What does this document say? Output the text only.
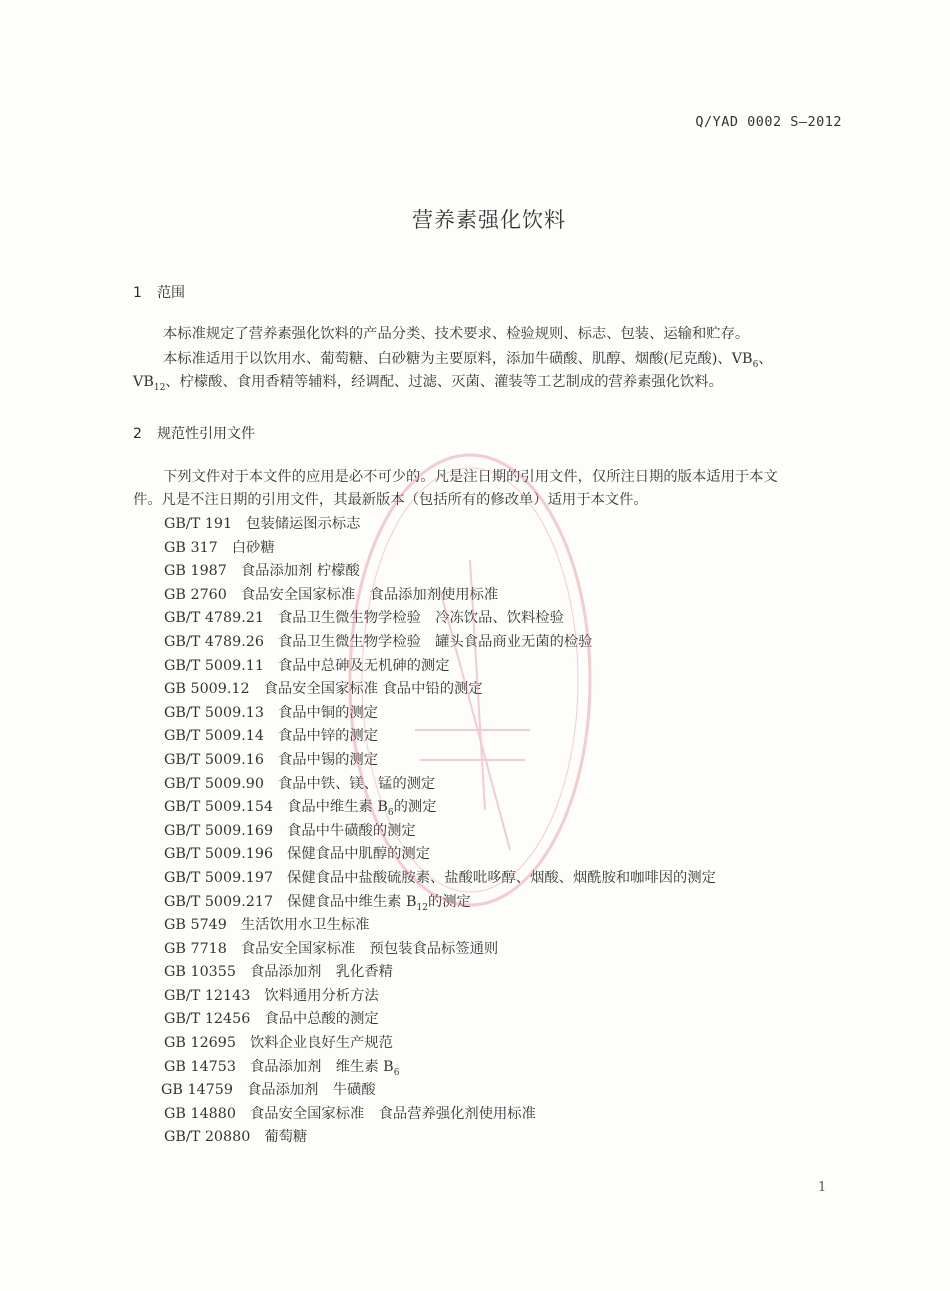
Q/YAD 0002 S—2012
营养素强化饮料
1 范围
本标准规定了营养素强化饮料的产品分类、技术要求、检验规则、标志、包装、运输和贮存。
本标准适用于以饮用水、葡萄糖、白砂糖为主要原料，添加牛磺酸、肌醇、烟酸(尼克酸)、$VB_6$、
$VB_{12}$、柠檬酸、食用香精等辅料，经调配、过滤、灭菌、灌装等工艺制成的营养素强化饮料。
2 规范性引用文件
下列文件对于本文件的应用是必不可少的。凡是注日期的引用文件，仅所注日期的版本适用于本文
件。凡是不注日期的引用文件，其最新版本（包括所有的修改单）适用于本文件。
GB/T 191 包装储运图示标志
GB 317 白砂糖
GB 1987 食品添加剂 柠檬酸
GB 2760 食品安全国家标准　食品添加剂使用标准
GB/T 4789.21 食品卫生微生物学检验　冷冻饮品、饮料检验
GB/T 4789.26 食品卫生微生物学检验　罐头食品商业无菌的检验
GB/T 5009.11 食品中总砷及无机砷的测定
GB 5009.12 食品安全国家标准 食品中铅的测定
GB/T 5009.13 食品中铜的测定
GB/T 5009.14 食品中锌的测定
GB/T 5009.16 食品中锡的测定
GB/T 5009.90 食品中铁、镁、锰的测定
GB/T 5009.154 食品中维生素 $B_6$的测定
GB/T 5009.169 食品中牛磺酸的测定
GB/T 5009.196 保健食品中肌醇的测定
GB/T 5009.197 保健食品中盐酸硫胺素、盐酸吡哆醇、烟酸、烟酰胺和咖啡因的测定
GB/T 5009.217 保健食品中维生素 $B_{12}$的测定
GB 5749 生活饮用水卫生标准
GB 7718 食品安全国家标准　预包装食品标签通则
GB 10355 食品添加剂　乳化香精
GB/T 12143 饮料通用分析方法
GB/T 12456 食品中总酸的测定
GB 12695 饮料企业良好生产规范
GB 14753 食品添加剂　维生素 $B_6$
GB 14759 食品添加剂　牛磺酸
GB 14880 食品安全国家标准　食品营养强化剂使用标准
GB/T 20880 葡萄糖
1
